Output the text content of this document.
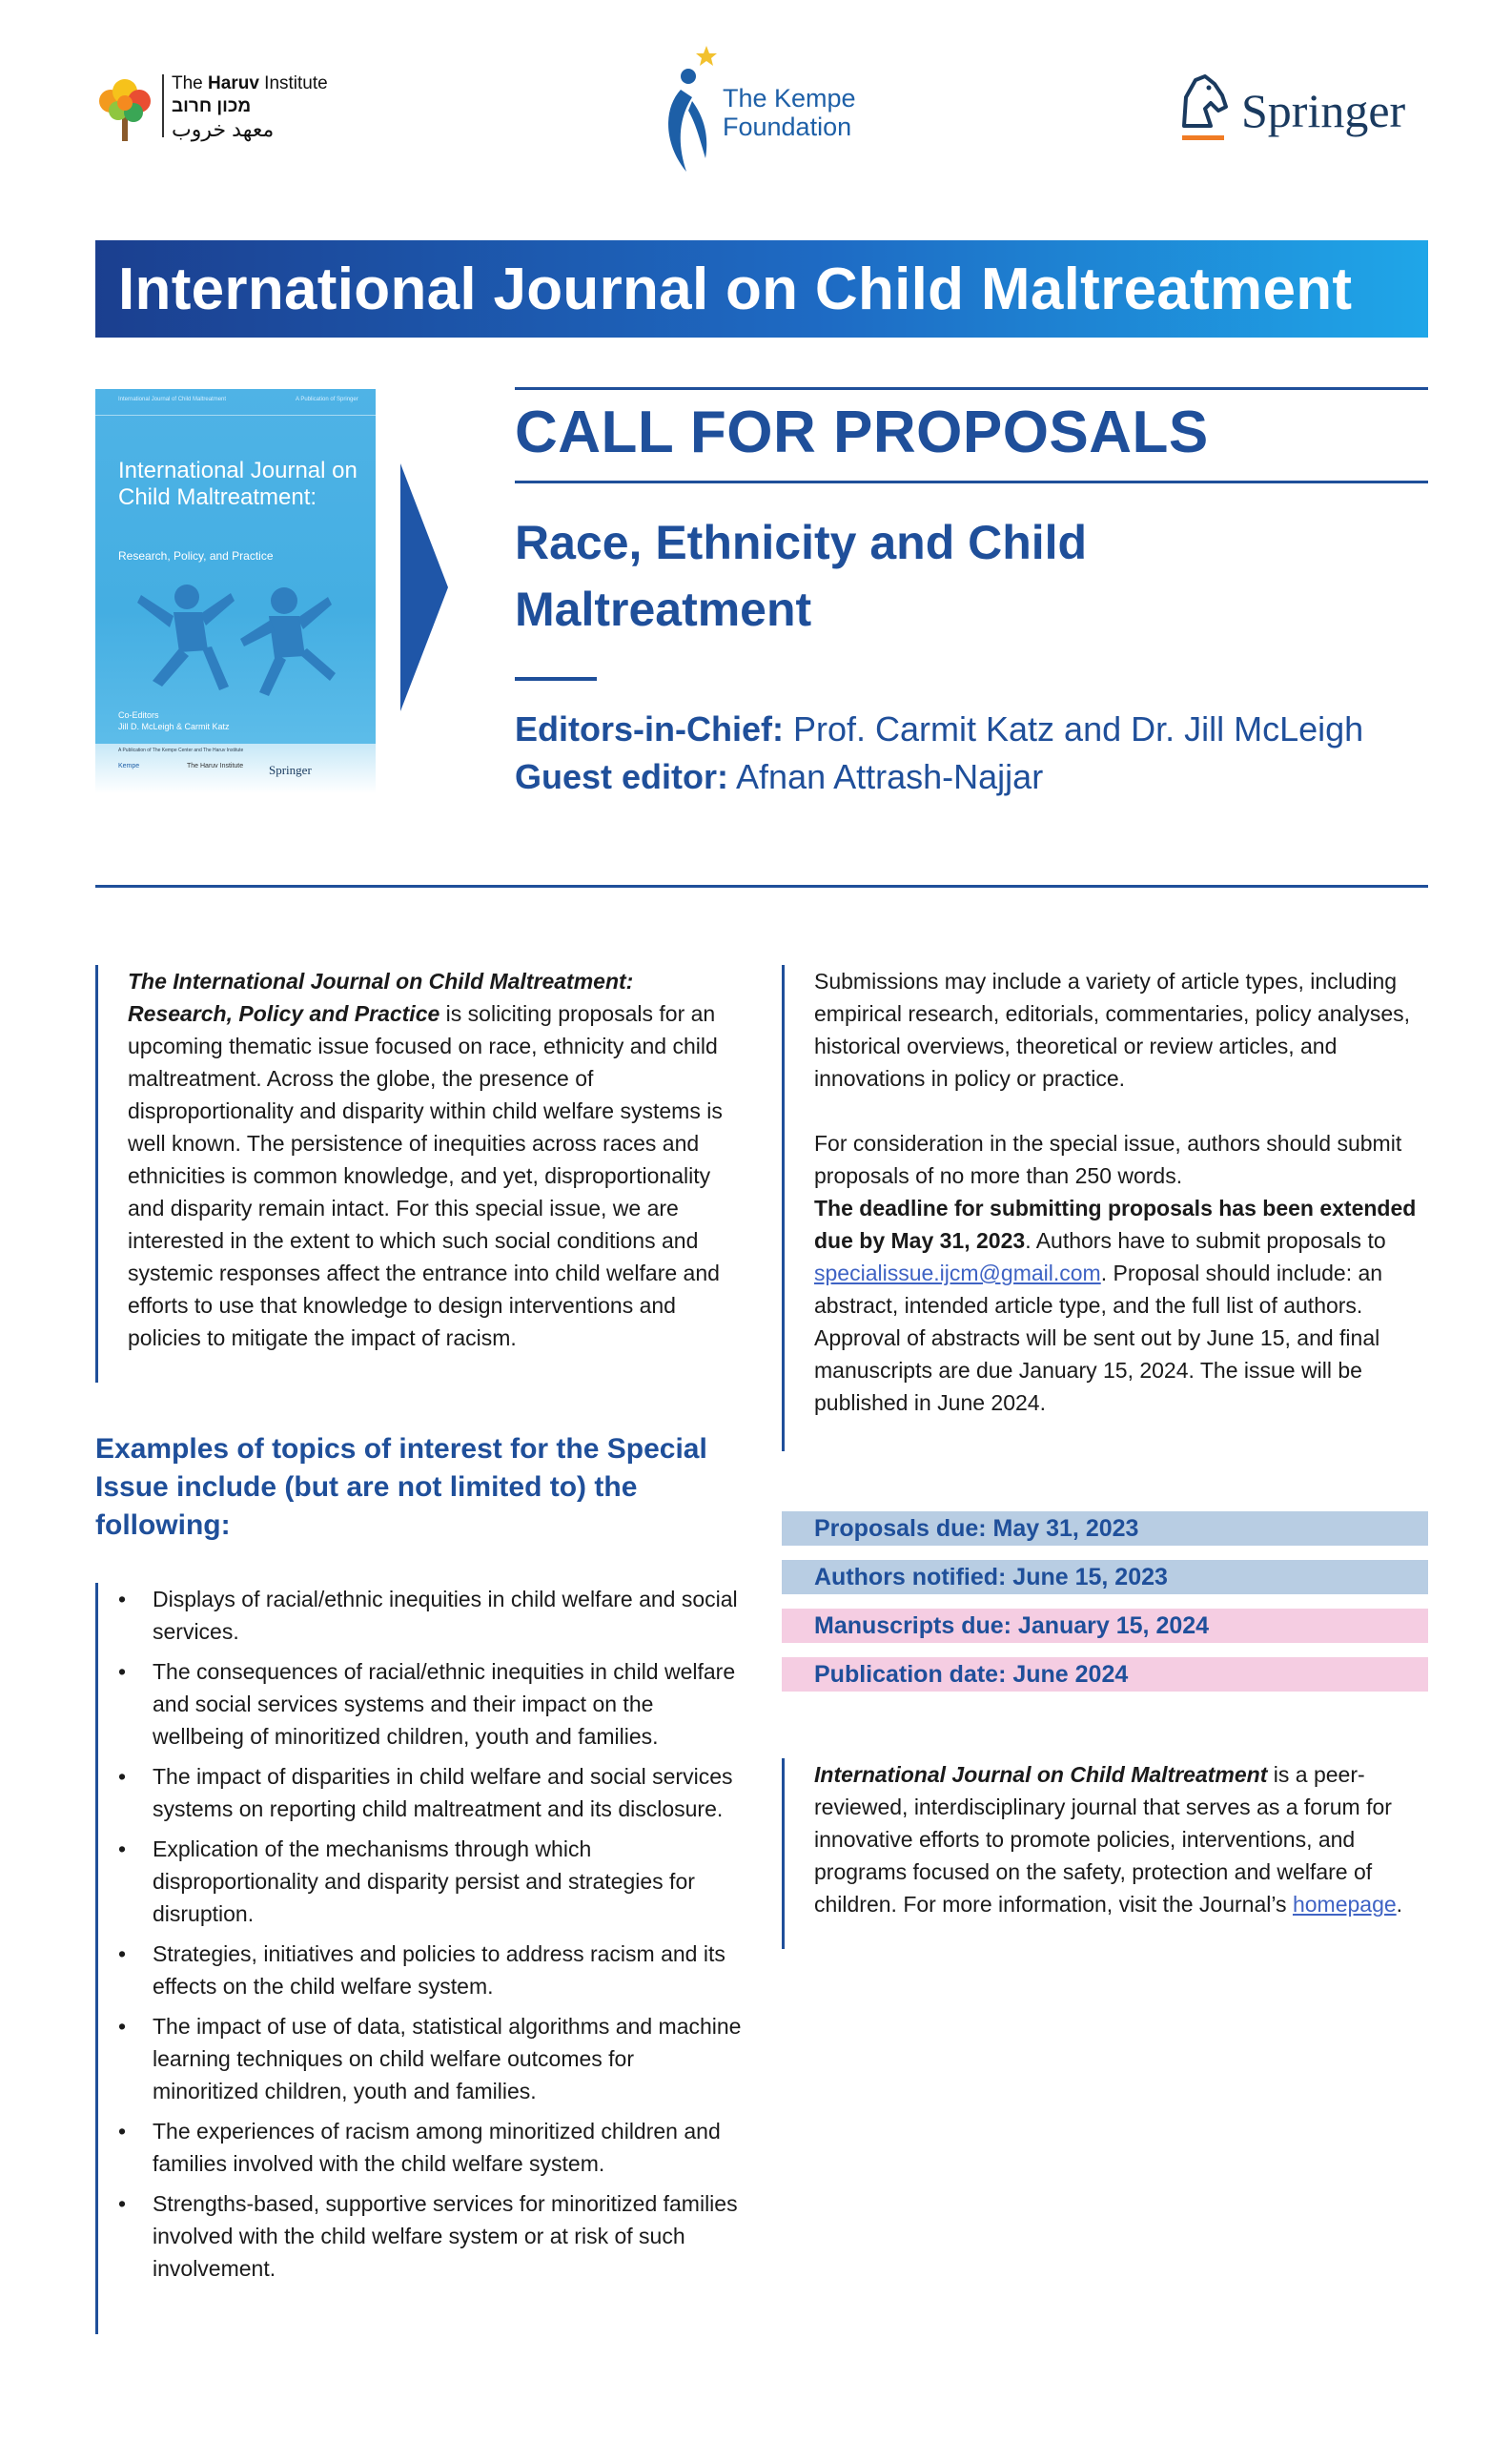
The Haruv Institute
מכון חרוב
معهد خروب
The Kempe
Foundation	Springer
International Journal on Child Maltreatment
International Journal of Child Maltreatment	A Publication of Springer
International Journal on Child Maltreatment:
Research, Policy, and Practice
Co-Editors
Jill D. McLeigh & Carmit Katz
A Publication of The Kempe Center and The Haruv Institute
Kempe	The Haruv Institute Springer
CALL FOR PROPOSALS
Race, Ethnicity and Child
Maltreatment
Editors-in-Chief: Prof. Carmit Katz and Dr. Jill McLeigh
Guest editor: Afnan Attrash-Najjar
The International Journal on Child Maltreatment: Research, Policy and Practice is soliciting proposals for an upcoming thematic issue focused on race, ethnicity and child maltreatment. Across the globe, the presence of disproportionality and disparity within child welfare systems is well known. The persistence of inequities across races and ethnicities is common knowledge, and yet, disproportionality and disparity remain intact. For this special issue, we are interested in the extent to which such social conditions and systemic responses affect the entrance into child welfare and efforts to use that knowledge to design interventions and policies to mitigate the impact of racism.
Examples of topics of interest for the Special Issue include (but are not limited to) the following:
• Displays of racial/ethnic inequities in child welfare and social services.
• The consequences of racial/ethnic inequities in child welfare and social services systems and their impact on the wellbeing of minoritized children, youth and families.
• The impact of disparities in child welfare and social services systems on reporting child maltreatment and its disclosure.
• Explication of the mechanisms through which disproportionality and disparity persist and strategies for disruption.
• Strategies, initiatives and policies to address racism and its effects on the child welfare system.
• The impact of use of data, statistical algorithms and machine learning techniques on child welfare outcomes for minoritized children, youth and families.
• The experiences of racism among minoritized children and families involved with the child welfare system.
• Strengths-based, supportive services for minoritized families involved with the child welfare system or at risk of such involvement.

Submissions may include a variety of article types, including empirical research, editorials, commentaries, policy analyses, historical overviews, theoretical or review articles, and innovations in policy or practice.

For consideration in the special issue, authors should submit proposals of no more than 250 words.
The deadline for submitting proposals has been extended due by May 31, 2023. Authors have to submit proposals to specialissue.ijcm@gmail.com. Proposal should include: an abstract, intended article type, and the full list of authors. Approval of abstracts will be sent out by June 15, and final manuscripts are due January 15, 2024. The issue will be published in June 2024.

Proposals due: May 31, 2023
Authors notified: June 15, 2023
Manuscripts due: January 15, 2024
Publication date: June 2024
International Journal on Child Maltreatment is a peer-reviewed, interdisciplinary journal that serves as a forum for innovative efforts to promote policies, interventions, and programs focused on the safety, protection and welfare of children. For more information, visit the Journal’s homepage.
